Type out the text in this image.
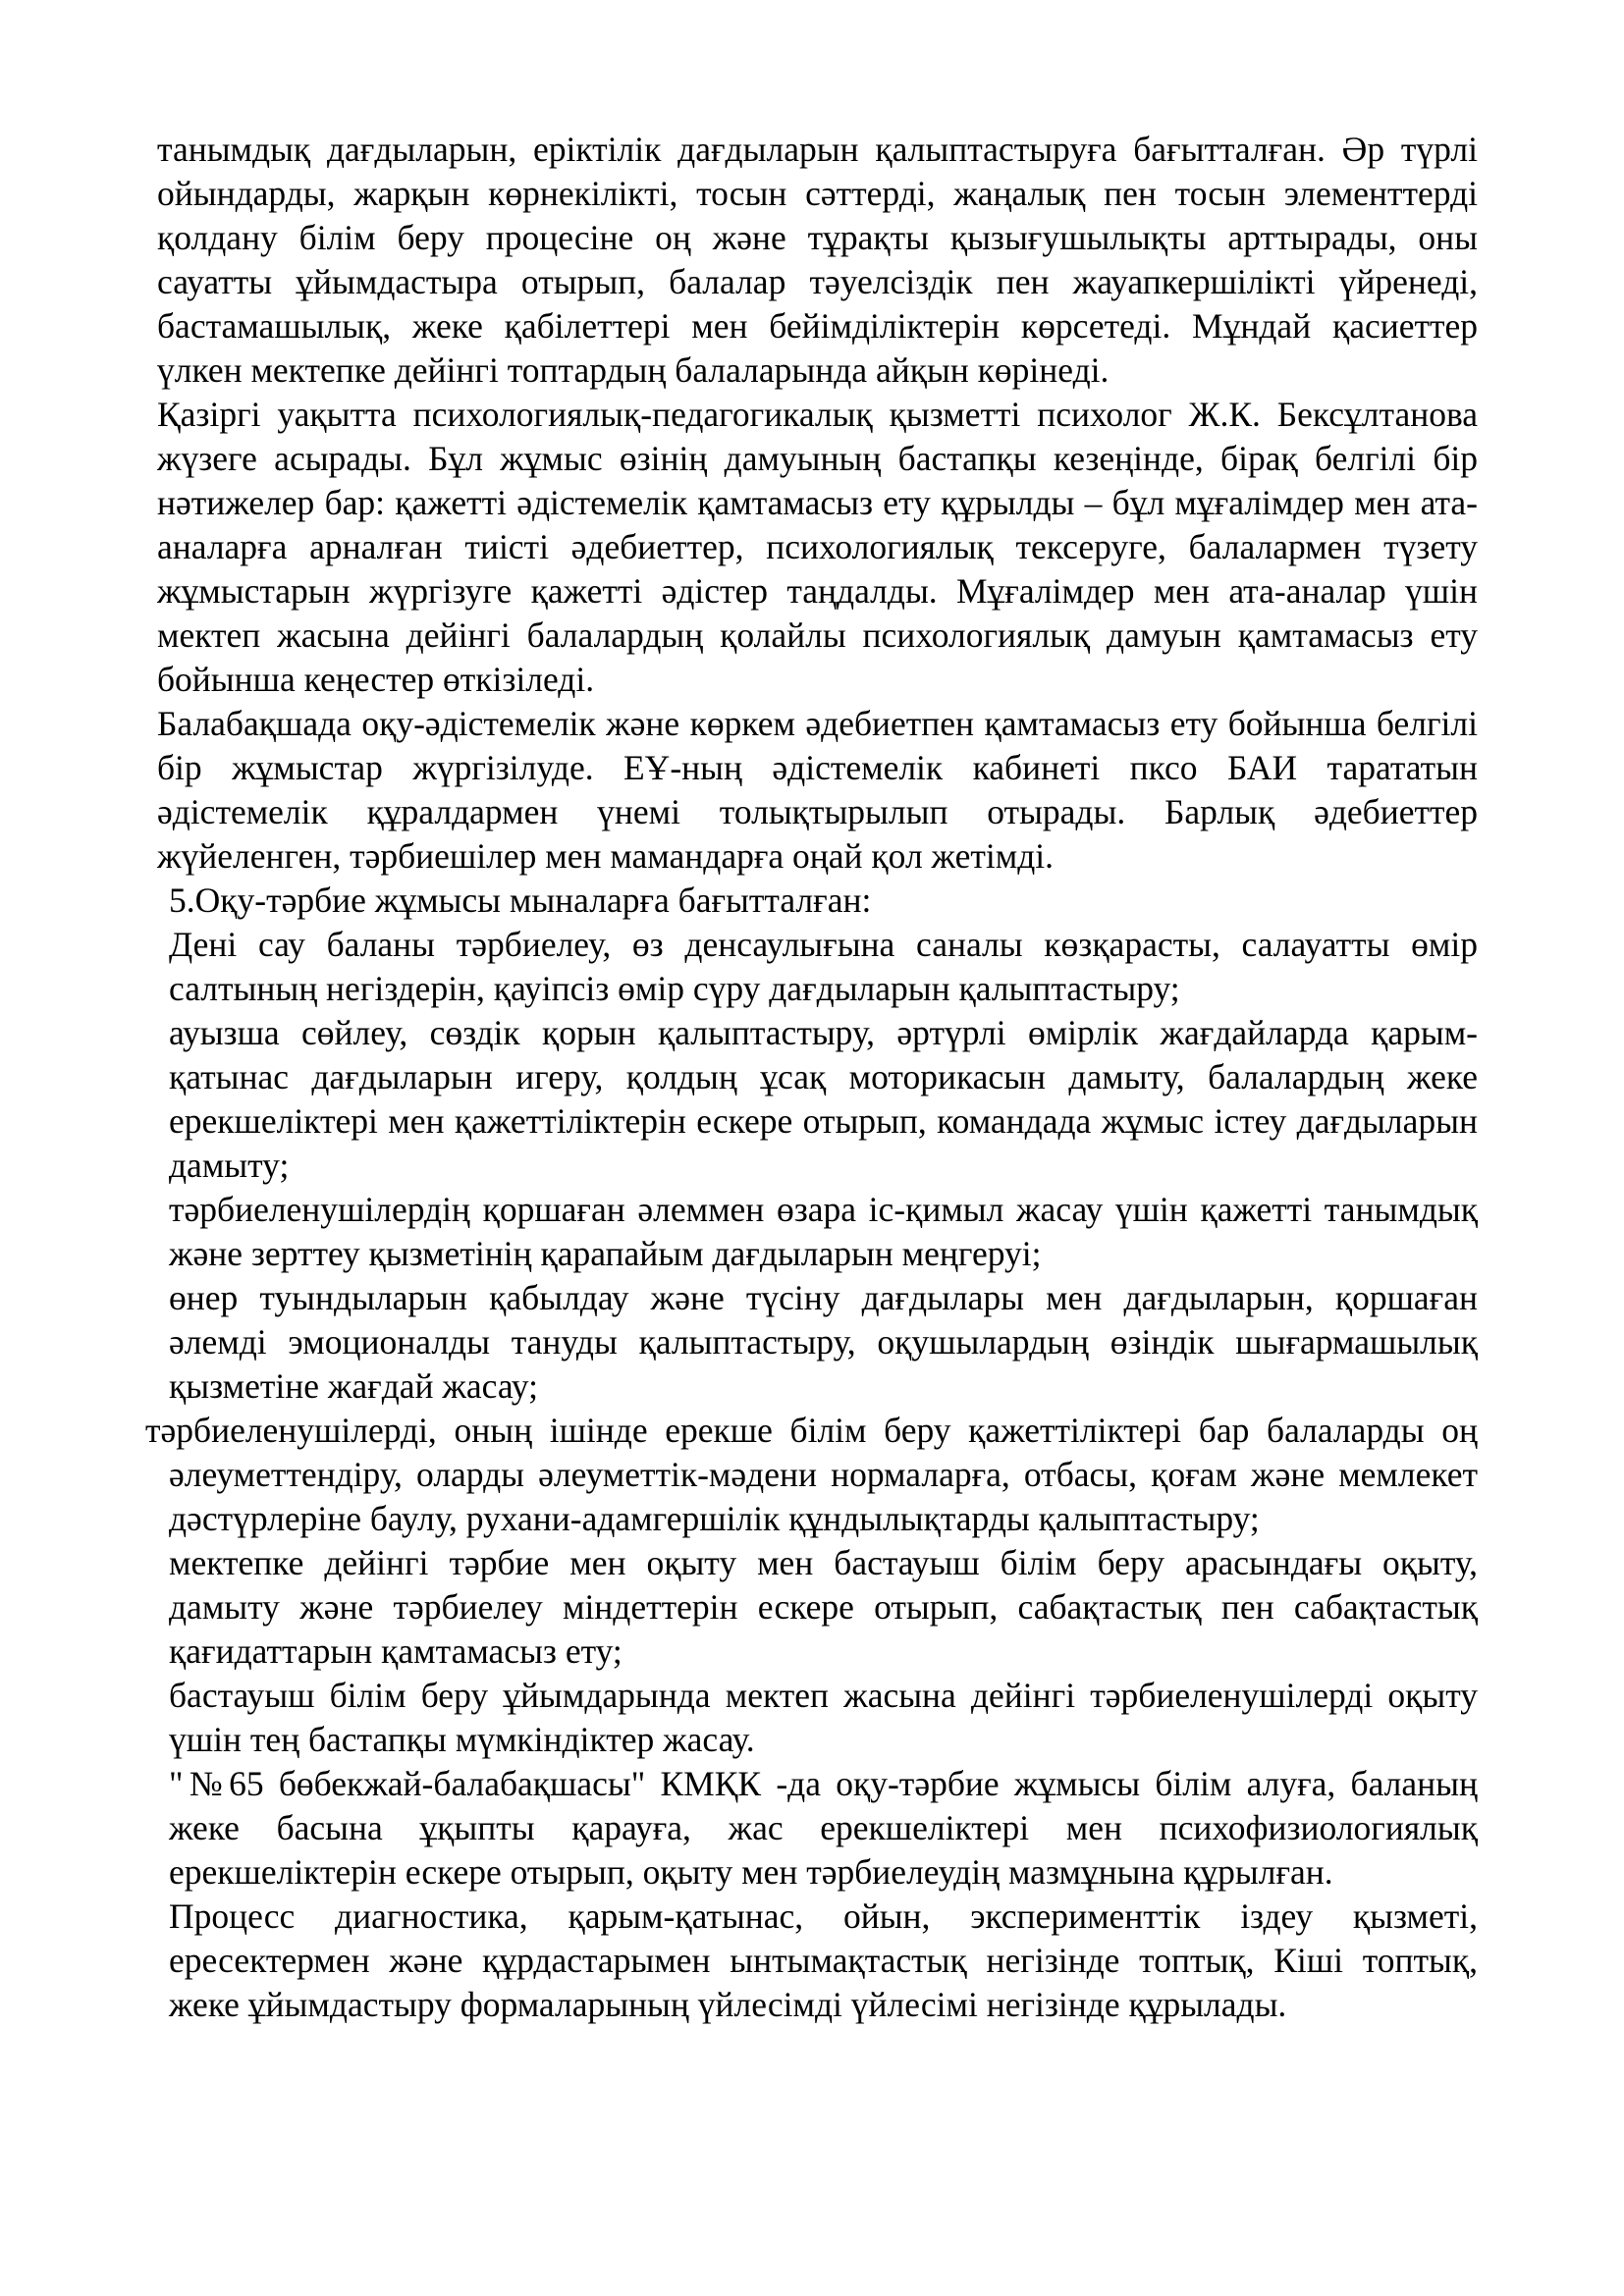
танымдық дағдыларын, еріктілік дағдыларын қалыптастыруға бағытталған. Әр түрлі ойындарды, жарқын көрнекілікті, тосын сәттерді, жаңалық пен тосын элементтерді қолдану білім беру процесіне оң және тұрақты қызығушылықты арттырады, оны сауатты ұйымдастыра отырып, балалар тәуелсіздік пен жауапкершілікті үйренеді, бастамашылық, жеке қабілеттері мен бейімділіктерін көрсетеді. Мұндай қасиеттер үлкен мектепке дейінгі топтардың балаларында айқын көрінеді.

Қазіргі уақытта психологиялық-педагогикалық қызметті психолог Ж.К. Бексұлтанова жүзеге асырады. Бұл жұмыс өзінің дамуының бастапқы кезеңінде, бірақ белгілі бір нәтижелер бар: қажетті әдістемелік қамтамасыз ету құрылды – бұл мұғалімдер мен ата-аналарға арналған тиісті әдебиеттер, психологиялық тексеруге, балалармен түзету жұмыстарын жүргізуге қажетті әдістер таңдалды. Мұғалімдер мен ата-аналар үшін мектеп жасына дейінгі балалардың қолайлы психологиялық дамуын қамтамасыз ету бойынша кеңестер өткізіледі.

Балабақшада оқу-әдістемелік және көркем әдебиетпен қамтамасыз ету бойынша белгілі бір жұмыстар жүргізілуде. ЕҰ-ның әдістемелік кабинеті пксо БАИ тарататын әдістемелік құралдармен үнемі толықтырылып отырады. Барлық әдебиеттер жүйеленген, тәрбиешілер мен мамандарға оңай қол жетімді.

5.Оқу-тәрбие жұмысы мыналарға бағытталған:

Дені сау баланы тәрбиелеу, өз денсаулығына саналы көзқарасты, салауатты өмір салтының негіздерін, қауіпсіз өмір сүру дағдыларын қалыптастыру;

ауызша сөйлеу, сөздік қорын қалыптастыру, әртүрлі өмірлік жағдайларда қарым-қатынас дағдыларын игеру, қолдың ұсақ моторикасын дамыту, балалардың жеке ерекшеліктері мен қажеттіліктерін ескере отырып, командада жұмыс істеу дағдыларын дамыту;

тәрбиеленушілердің қоршаған әлеммен өзара іс-қимыл жасау үшін қажетті танымдық және зерттеу қызметінің қарапайым дағдыларын меңгеруі;

өнер туындыларын қабылдау және түсіну дағдылары мен дағдыларын, қоршаған әлемді эмоционалды тануды қалыптастыру, оқушылардың өзіндік шығармашылық қызметіне жағдай жасау;

тәрбиеленушілерді, оның ішінде ерекше білім беру қажеттіліктері бар балаларды оң әлеуметтендіру, оларды әлеуметтік-мәдени нормаларға, отбасы, қоғам және мемлекет дәстүрлеріне баулу, рухани-адамгершілік құндылықтарды қалыптастыру;

мектепке дейінгі тәрбие мен оқыту мен бастауыш білім беру арасындағы оқыту, дамыту және тәрбиелеу міндеттерін ескере отырып, сабақтастық пен сабақтастық қағидаттарын қамтамасыз ету;

бастауыш білім беру ұйымдарында мектеп жасына дейінгі тәрбиеленушілерді оқыту үшін тең бастапқы мүмкіндіктер жасау.

"№65 бөбекжай-балабақшасы" КМҚК -да оқу-тәрбие жұмысы білім алуға, баланың жеке басына ұқыпты қарауға, жас ерекшеліктері мен психофизиологиялық ерекшеліктерін ескере отырып, оқыту мен тәрбиелеудің мазмұнына құрылған.

Процесс диагностика, қарым-қатынас, ойын, эксперименттік іздеу қызметі, ересектермен және құрдастарымен ынтымақтастық негізінде топтық, Кіші топтық, жеке ұйымдастыру формаларының үйлесімді үйлесімі негізінде құрылады.
